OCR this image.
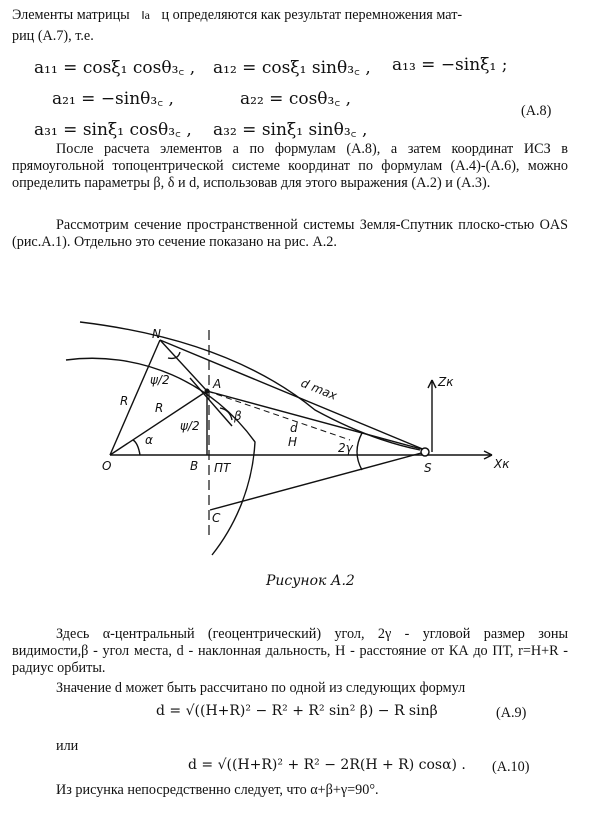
Элементы матрицы ‖a ц определяются как результат перемножения мат-
риц (А.7), т.е.
a₁₁ = cosξ₁ cosθ₃꜀ , a₁₂ = cosξ₁ sinθ₃꜀ , a₁₃ = −sinξ₁ ;
a₂₁ = −sinθ₃꜀ ,	a₂₂ = cosθ₃꜀ ,
(А.8)
a₃₁ = sinξ₁ cosθ₃꜀ , a₃₂ = sinξ₁ sinθ₃꜀ ,
После расчета элементов a по формулам (А.8), а затем координат ИСЗ в прямоугольной топоцентрической системе координат по формулам (А.4)-(А.6), можно определить параметры β, δ и d, использовав для этого выражения (А.2) и (А.3).
Рассмотрим сечение пространственной системы Земля-Спутник плоско-стью OAS (рис.А.1). Отдельно это сечение показано на рис. А.2.
N
O	B ПТ
C
A
S
R R
α
ψ/2
ψ/2
β
d
H
d max
2γ
Zк
Xк
Рисунок А.2
Здесь α-центральный (геоцентрический) угол, 2γ - угловой размер зоны видимости,β - угол места, d - наклонная дальность, H - расстояние от КА до ПТ, r=H+R - радиус орбиты.
Значение d может быть рассчитано по одной из следующих формул
d = √((H+R)² − R² + R² sin² β) − R sinβ	(А.9)
или
d = √((H+R)² + R² − 2R(H + R) cosα) . (А.10)
Из рисунка непосредственно следует, что α+β+γ=90°.
